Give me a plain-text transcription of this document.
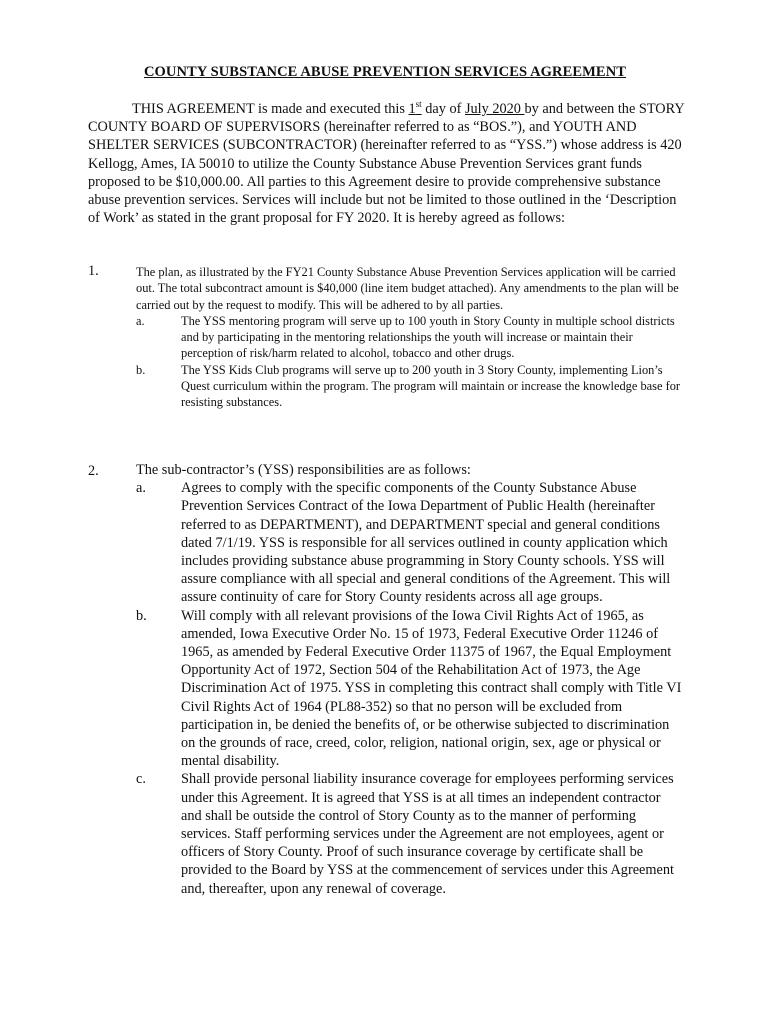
COUNTY SUBSTANCE ABUSE PREVENTION SERVICES AGREEMENT
THIS AGREEMENT is made and executed this 1st day of July 2020 by and between the STORY COUNTY BOARD OF SUPERVISORS (hereinafter referred to as “BOS.”), and YOUTH AND SHELTER SERVICES (SUBCONTRACTOR) (hereinafter referred to as “YSS.”) whose address is 420 Kellogg, Ames, IA 50010 to utilize the County Substance Abuse Prevention Services grant funds proposed to be $10,000.00. All parties to this Agreement desire to provide comprehensive substance abuse prevention services. Services will include but not be limited to those outlined in the ‘Description of Work’ as stated in the grant proposal for FY 2020. It is hereby agreed as follows:
1.	The plan, as illustrated by the FY21 County Substance Abuse Prevention Services application will be carried out. The total subcontract amount is $40,000 (line item budget attached). Any amendments to the plan will be carried out by the request to modify. This will be adhered to by all parties.
a.	The YSS mentoring program will serve up to 100 youth in Story County in multiple school districts and by participating in the mentoring relationships the youth will increase or maintain their perception of risk/harm related to alcohol, tobacco and other drugs.
b.	The YSS Kids Club programs will serve up to 200 youth in 3 Story County, implementing Lion’s Quest curriculum within the program. The program will maintain or increase the knowledge base for resisting substances.
2.	The sub-contractor’s (YSS) responsibilities are as follows:
a. Agrees to comply with the specific components of the County Substance Abuse Prevention Services Contract of the Iowa Department of Public Health (hereinafter referred to as DEPARTMENT), and DEPARTMENT special and general conditions dated 7/1/19. YSS is responsible for all services outlined in county application which includes providing substance abuse programming in Story County schools. YSS will assure compliance with all special and general conditions of the Agreement. This will assure continuity of care for Story County residents across all age groups.
b. Will comply with all relevant provisions of the Iowa Civil Rights Act of 1965, as amended, Iowa Executive Order No. 15 of 1973, Federal Executive Order 11246 of 1965, as amended by Federal Executive Order 11375 of 1967, the Equal Employment Opportunity Act of 1972, Section 504 of the Rehabilitation Act of 1973, the Age Discrimination Act of 1975. YSS in completing this contract shall comply with Title VI Civil Rights Act of 1964 (PL88-352) so that no person will be excluded from participation in, be denied the benefits of, or be otherwise subjected to discrimination on the grounds of race, creed, color, religion, national origin, sex, age or physical or mental disability.
c. Shall provide personal liability insurance coverage for employees performing services under this Agreement. It is agreed that YSS is at all times an independent contractor and shall be outside the control of Story County as to the manner of performing services. Staff performing services under the Agreement are not employees, agent or officers of Story County. Proof of such insurance coverage by certificate shall be provided to the Board by YSS at the commencement of services under this Agreement and, thereafter, upon any renewal of coverage.
